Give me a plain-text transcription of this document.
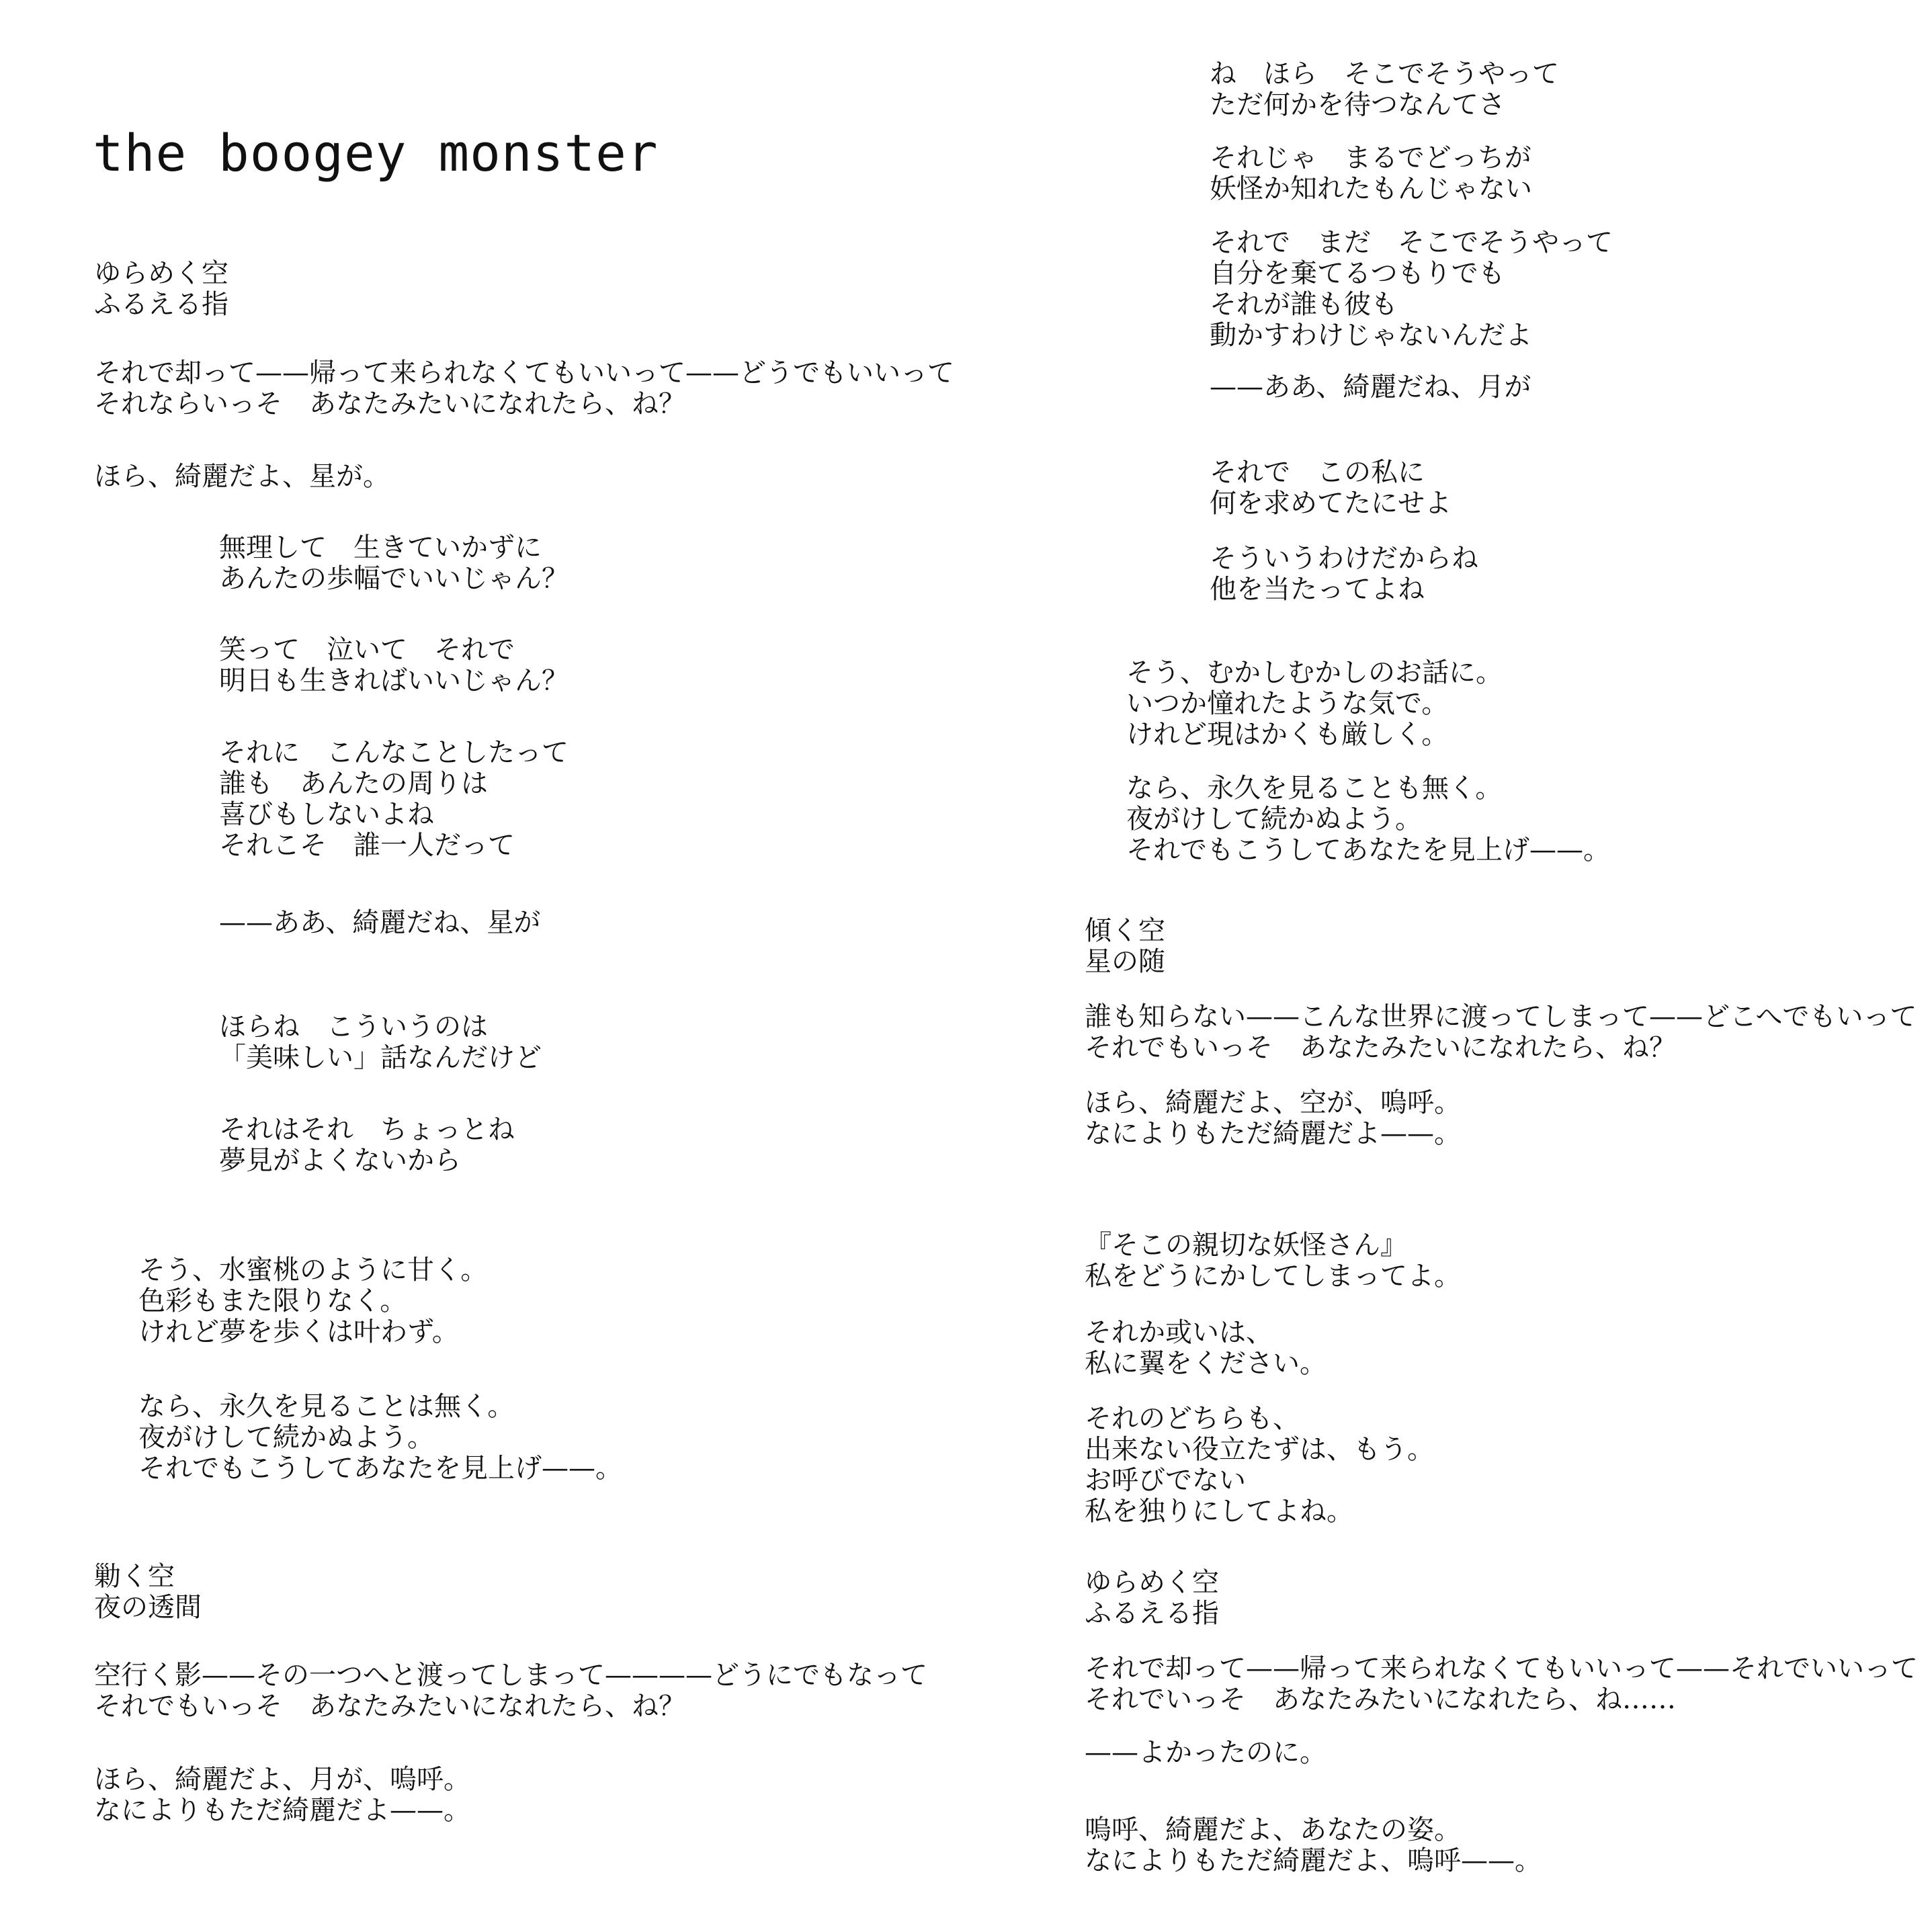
the boogey monster
ゆらめく空
ふるえる指
それで却って——帰って来られなくてもいいって——どうでもいいって
それならいっそ　あなたみたいになれたら、ね？
ほら、綺麗だよ、星が。
無理して　生きていかずに
あんたの歩幅でいいじゃん？
笑って　泣いて　それで
明日も生きればいいじゃん？
それに　こんなことしたって
誰も　あんたの周りは
喜びもしないよね
それこそ　誰一人だって
——ああ、綺麗だね、星が
ほらね　こういうのは
「美味しい」話なんだけど
それはそれ　ちょっとね
夢見がよくないから
そう、水蜜桃のように甘く。
色彩もまた限りなく。
けれど夢を歩くは叶わず。
なら、永久を見ることは無く。
夜がけして続かぬよう。
それでもこうしてあなたを見上げ——。
勦く空
夜の透間
空行く影——その一つへと渡ってしまって————どうにでもなって
それでもいっそ　あなたみたいになれたら、ね？
ほら、綺麗だよ、月が、嗚呼。
なによりもただ綺麗だよ——。
ね　ほら　そこでそうやって
ただ何かを待つなんてさ
それじゃ　まるでどっちが
妖怪か知れたもんじゃない
それで　まだ　そこでそうやって
自分を棄てるつもりでも
それが誰も彼も
動かすわけじゃないんだよ
——ああ、綺麗だね、月が
それで　この私に
何を求めてたにせよ
そういうわけだからね
他を当たってよね
そう、むかしむかしのお話に。
いつか憧れたような気で。
けれど現はかくも厳しく。
なら、永久を見ることも無く。
夜がけして続かぬよう。
それでもこうしてあなたを見上げ——。
傾く空
星の随
誰も知らない——こんな世界に渡ってしまって——どこへでもいって
それでもいっそ　あなたみたいになれたら、ね？
ほら、綺麗だよ、空が、嗚呼。
なによりもただ綺麗だよ——。
『そこの親切な妖怪さん』
私をどうにかしてしまってよ。
それか或いは、
私に翼をください。
それのどちらも、
出来ない役立たずは、もう。
お呼びでない
私を独りにしてよね。
ゆらめく空
ふるえる指
それで却って——帰って来られなくてもいいって——それでいいって
それでいっそ　あなたみたいになれたら、ね……
——よかったのに。
嗚呼、綺麗だよ、あなたの姿。
なによりもただ綺麗だよ、嗚呼——。
